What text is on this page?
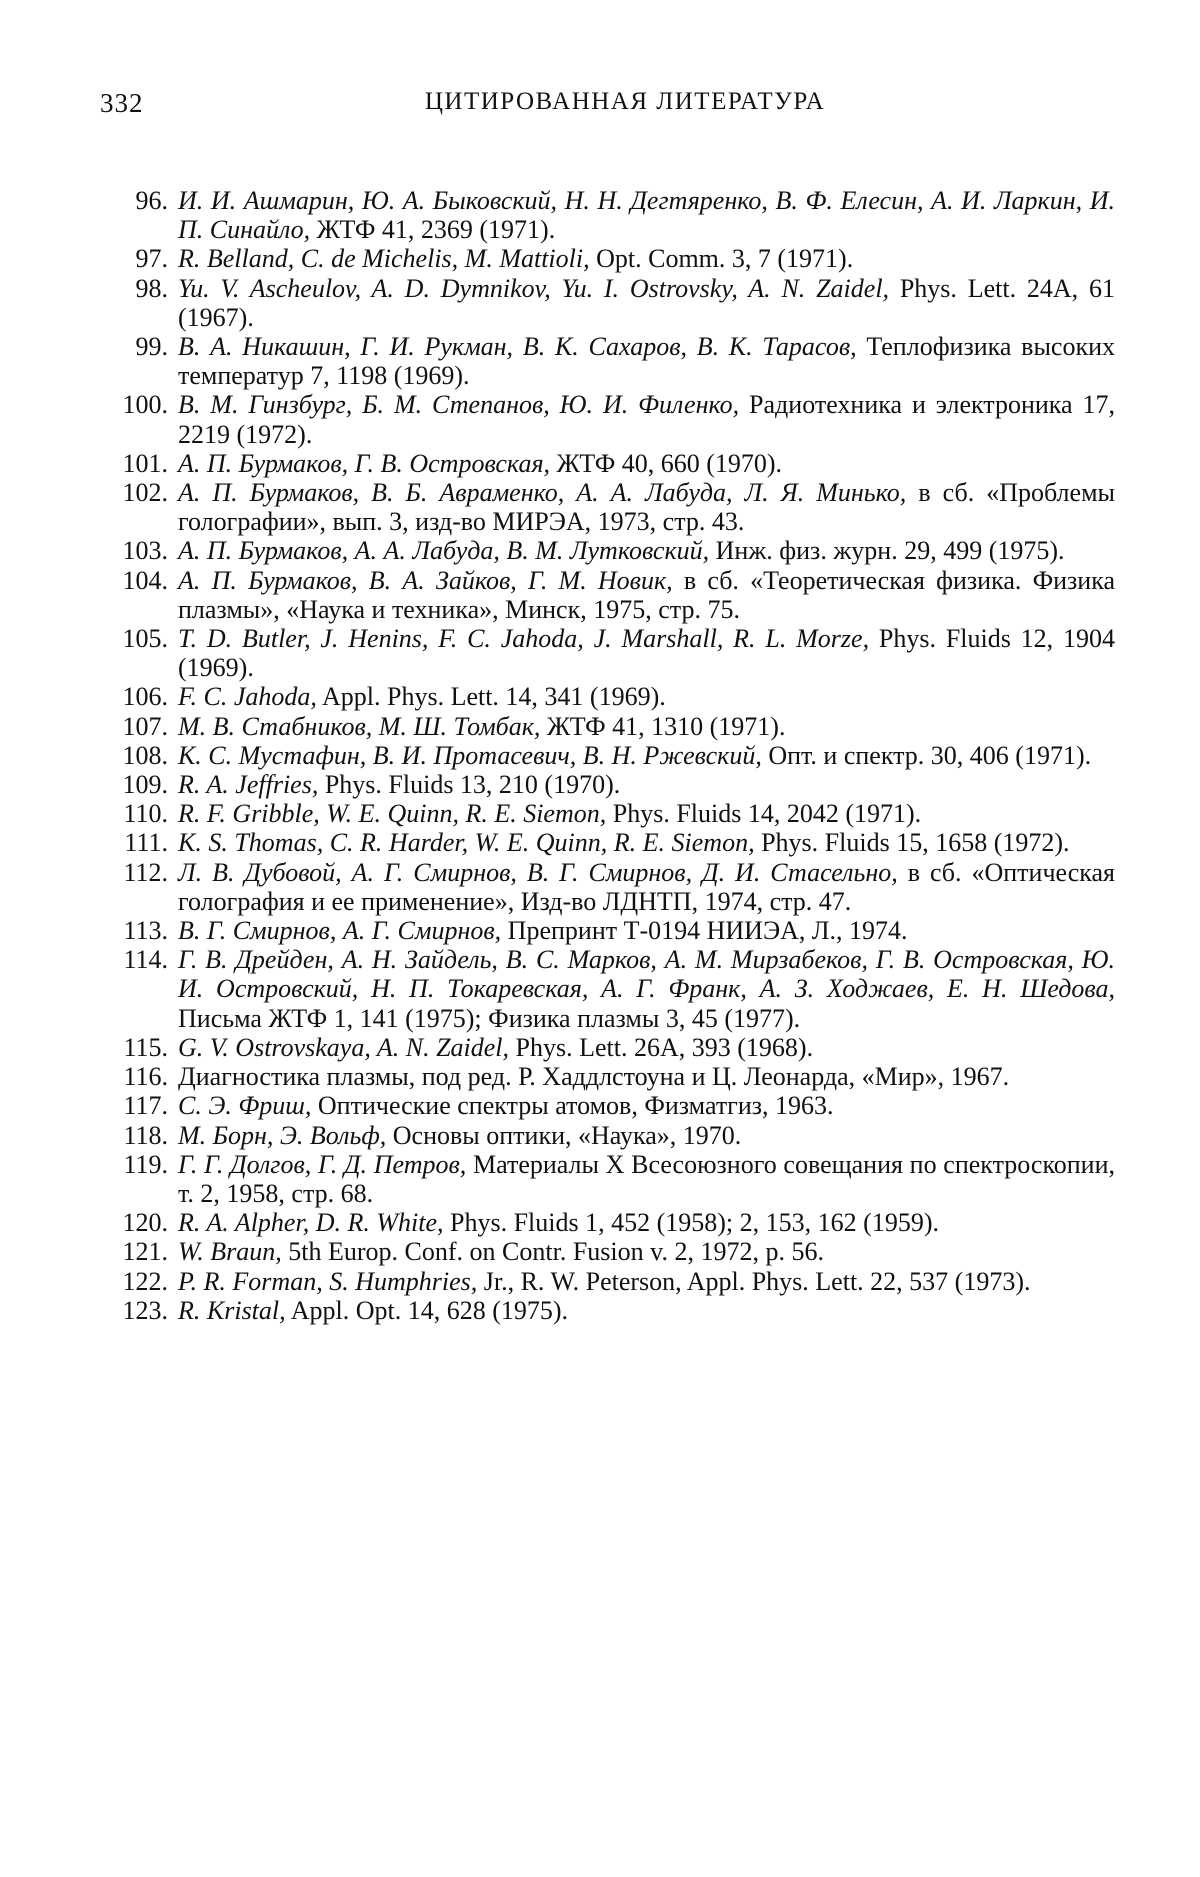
332	ЦИТИРОВАННАЯ ЛИТЕРАТУРА
96. И. И. Ашмарин, Ю. А. Быковский, Н. Н. Дегтяренко, В. Ф. Елесин, А. И. Ларкин, И. П. Синайло, ЖТФ 41, 2369 (1971).
97. R. Belland, C. de Michelis, M. Mattioli, Opt. Comm. 3, 7 (1971).
98. Yu. V. Ascheulov, A. D. Dymnikov, Yu. I. Ostrovsky, A. N. Zaidel, Phys. Lett. 24A, 61 (1967).
99. В. А. Никашин, Г. И. Рукман, В. К. Сахаров, В. К. Тарасов, Теплофизика высоких температур 7, 1198 (1969).
100. В. М. Гинзбург, Б. М. Степанов, Ю. И. Филенко, Радиотехника и электроника 17, 2219 (1972).
101. А. П. Бурмаков, Г. В. Островская, ЖТФ 40, 660 (1970).
102. А. П. Бурмаков, В. Б. Авраменко, А. А. Лабуда, Л. Я. Минько, в сб. «Проблемы голографии», вып. 3, изд-во МИРЭА, 1973, стр. 43.
103. А. П. Бурмаков, А. А. Лабуда, В. М. Лутковский, Инж. физ. журн. 29, 499 (1975).
104. А. П. Бурмаков, В. А. Зайков, Г. М. Новик, в сб. «Теоретическая физика. Физика плазмы», «Наука и техника», Минск, 1975, стр. 75.
105. T. D. Butler, J. Henins, F. C. Jahoda, J. Marshall, R. L. Morze, Phys. Fluids 12, 1904 (1969).
106. F. C. Jahoda, Appl. Phys. Lett. 14, 341 (1969).
107. М. В. Стабников, М. Ш. Томбак, ЖТФ 41, 1310 (1971).
108. К. С. Мустафин, В. И. Протасевич, В. Н. Ржевский, Опт. и спектр. 30, 406 (1971).
109. R. A. Jeffries, Phys. Fluids 13, 210 (1970).
110. R. F. Gribble, W. E. Quinn, R. E. Siemon, Phys. Fluids 14, 2042 (1971).
111. K. S. Thomas, C. R. Harder, W. E. Quinn, R. E. Siemon, Phys. Fluids 15, 1658 (1972).
112. Л. В. Дубовой, А. Г. Смирнов, В. Г. Смирнов, Д. И. Стасельно, в сб. «Оптическая голография и ее применение», Изд-во ЛДНТП, 1974, стр. 47.
113. В. Г. Смирнов, А. Г. Смирнов, Препринт Т-0194 НИИЭА, Л., 1974.
114. Г. В. Дрейден, А. Н. Зайдель, В. С. Марков, А. М. Мирзабеков, Г. В. Островская, Ю. И. Островский, Н. П. Токаревская, А. Г. Франк, А. З. Ходжаев, Е. Н. Шедова, Письма ЖТФ 1, 141 (1975); Физика плазмы 3, 45 (1977).
115. G. V. Ostrovskaya, A. N. Zaidel, Phys. Lett. 26A, 393 (1968).
116. Диагностика плазмы, под ред. Р. Хаддлстоуна и Ц. Леонарда, «Мир», 1967.
117. С. Э. Фриш, Оптические спектры атомов, Физматгиз, 1963.
118. М. Борн, Э. Вольф, Основы оптики, «Наука», 1970.
119. Г. Г. Долгов, Г. Д. Петров, Материалы X Всесоюзного совещания по спектроскопии, т. 2, 1958, стр. 68.
120. R. A. Alpher, D. R. White, Phys. Fluids 1, 452 (1958); 2, 153, 162 (1959).
121. W. Braun, 5th Europ. Conf. on Contr. Fusion v. 2, 1972, p. 56.
122. P. R. Forman, S. Humphries, Jr., R. W. Peterson, Appl. Phys. Lett. 22, 537 (1973).
123. R. Kristal, Appl. Opt. 14, 628 (1975).
